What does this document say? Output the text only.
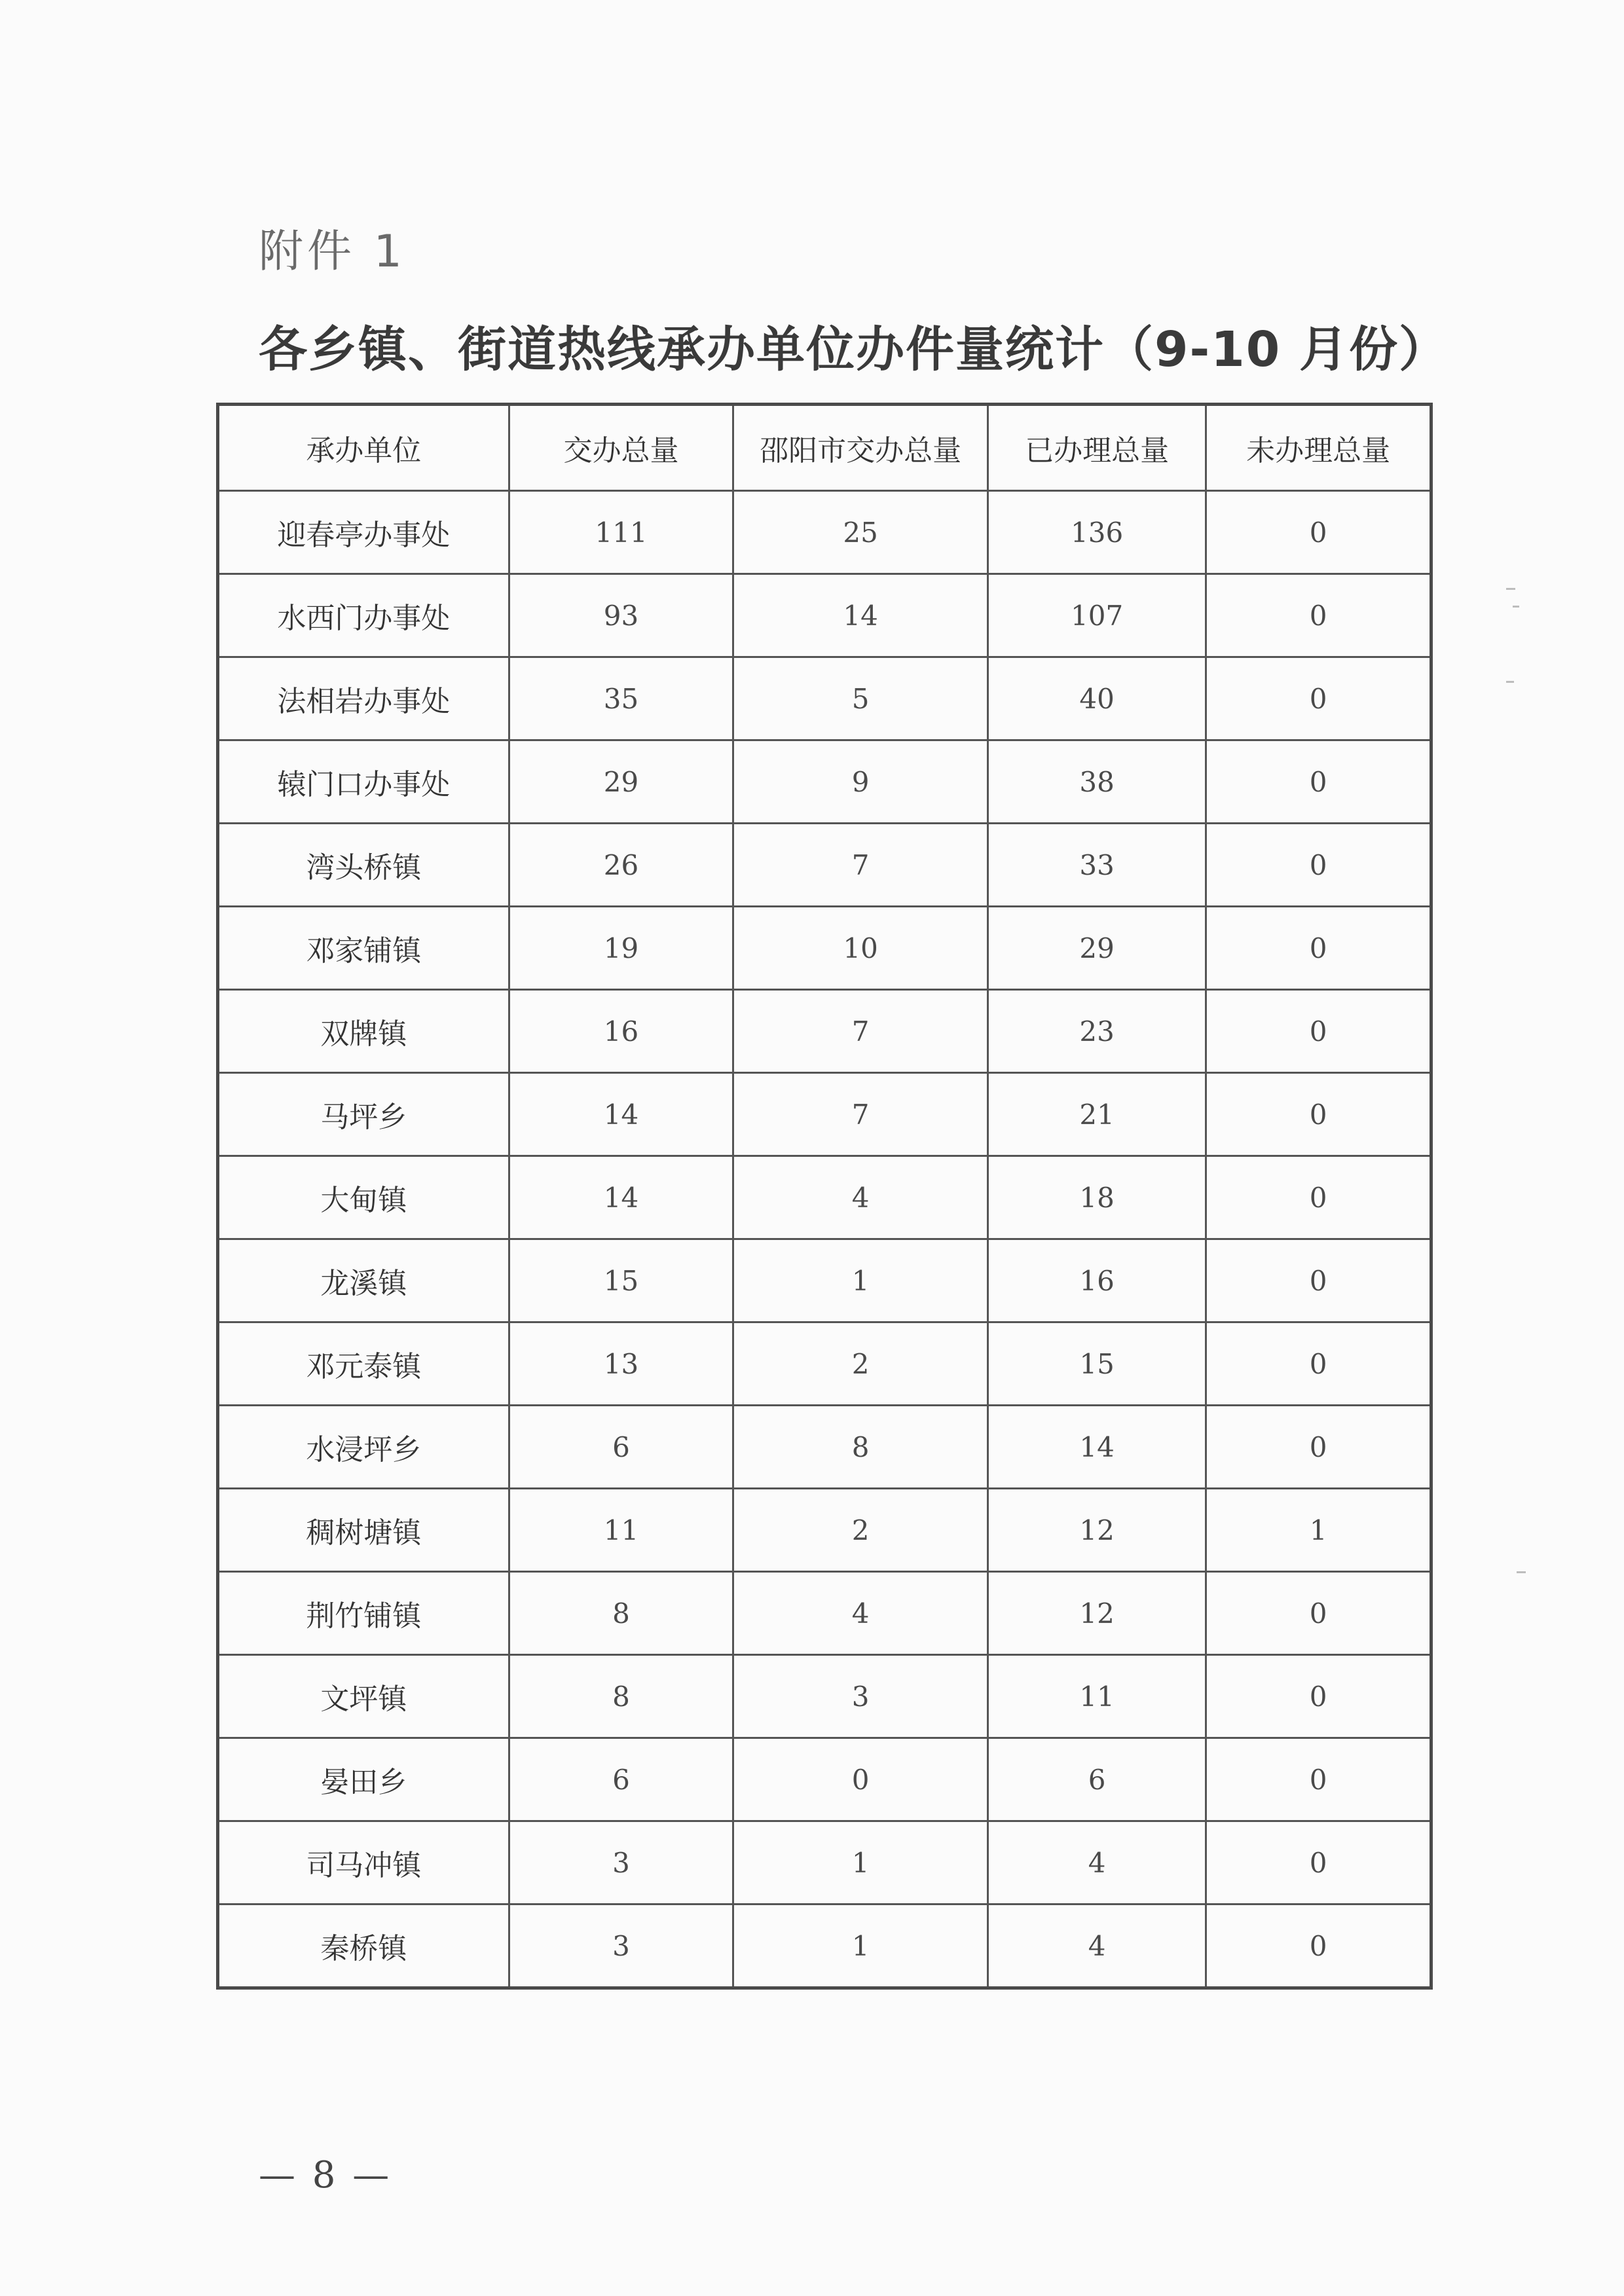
附件 1
各乡镇、街道热线承办单位办件量统计（9-10 月份）
承办单位	交办总量	邵阳市交办总量	已办理总量	未办理总量
迎春亭办事处	111	25	136	0
水西门办事处	93	14	107	0
法相岩办事处	35	5	40	0
辕门口办事处	29	9	38	0
湾头桥镇	26	7	33	0
邓家铺镇	19	10	29	0
双牌镇	16	7	23	0
马坪乡	14	7	21	0
大甸镇	14	4	18	0
龙溪镇	15	1	16	0
邓元泰镇	13	2	15	0
水浸坪乡	6	8	14	0
稠树塘镇	11	2	12	1
荆竹铺镇	8	4	12	0
文坪镇	8	3	11	0
晏田乡	6	0	6	0
司马冲镇	3	1	4	0
秦桥镇	3	1	4	0
— 8 —
